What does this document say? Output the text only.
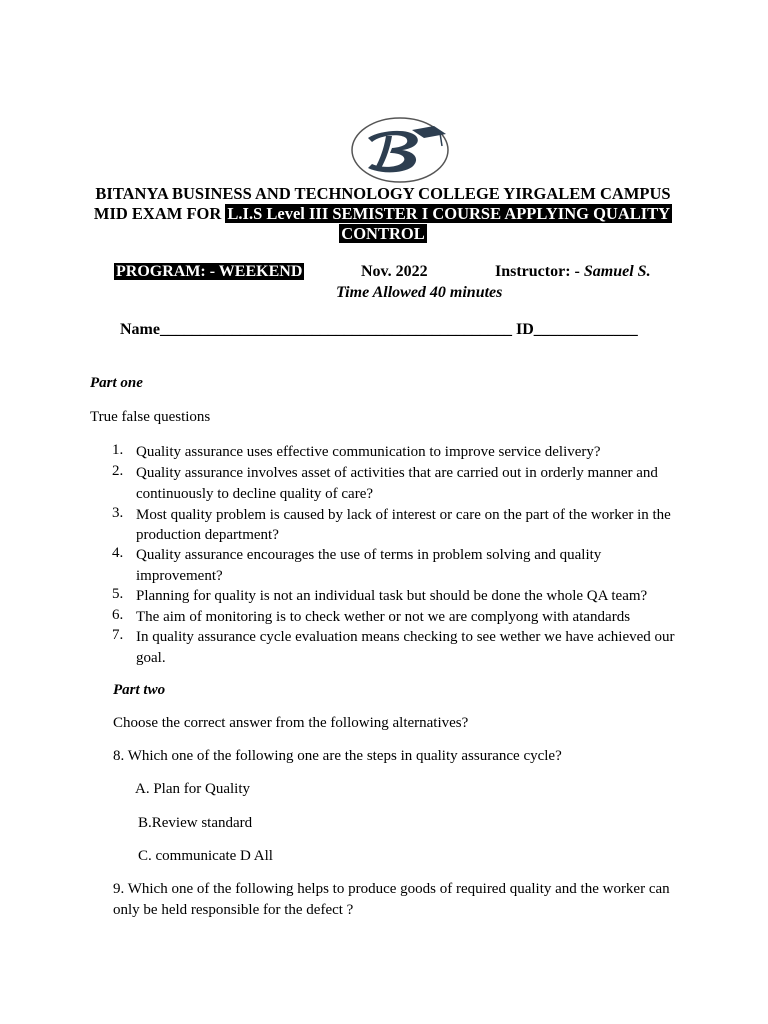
BITANYA BUSINESS AND TECHNOLOGY COLLEGE YIRGALEM CAMPUS
MID EXAM FOR L.I.S Level III SEMISTER I COURSE APPLYING QUALITY
CONTROL
PROGRAM: - WEEKEND	Nov. 2022	Instructor: - Samuel S.
Time Allowed 40 minutes
Name____________________________________________ ID_____________
Part one
True false questions
1. Quality assurance uses effective communication to improve service delivery?
2. Quality assurance involves asset of activities that are carried out in orderly manner and
continuously to decline quality of care?
3. Most quality problem is caused by lack of interest or care on the part of the worker in the
production department?
4. Quality assurance encourages the use of terms in problem solving and quality
improvement?
5. Planning for quality is not an individual task but should be done the whole QA team?
6. The aim of monitoring is to check wether or not we are complyong with atandards
7. In quality assurance cycle evaluation means checking to see wether we have achieved our
goal.
Part two
Choose the correct answer from the following alternatives?
8. Which one of the following one are the steps in quality assurance cycle?
A. Plan for Quality
B.Review standard
C. communicate D All
9. Which one of the following helps to produce goods of required quality and the worker can
only be held responsible for the defect ?
